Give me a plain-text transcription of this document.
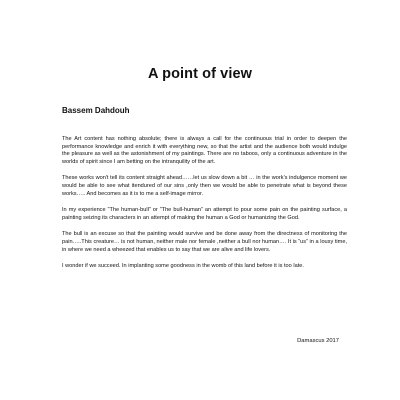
A point of view
Bassem Dahdouh

The Art content has nothing absolute; there is always a call for the continuous trial in order to deepen the performance knowledge and enrich it with everything new, so that the artist and the audience both would indulge the pleasure as well as the astonishment of my paintings. There are no taboos, only a continuous adventure in the worlds of spirit since I am betting on the intranquility of the art.

These works won't tell its content straight ahead……let us slow down a bit … in the work's indulgence moment we would be able to see what itendured of our sins ,only then we would be able to penetrate what is beyond these works….. And becomes as it is to me a self-image mirror.

In my experience “The human-bull” or “The bull-human” an attempt to pour some pain on the painting surface, a painting seizing its characters in an attempt of making the human a God or humanizing the God.

The bull is an excuse so that the painting would survive and be done away from the directness of monitoring the pain…..This creature… is not human, neither male nor female ,neither a bull nor human…. It is “us” in a lousy time, in where we need a wheezed that enables us to say that we are alive and life lovers.

I wonder if we succeed. In implanting some goodness in the womb of this land before it is too late.

Damascus 2017
